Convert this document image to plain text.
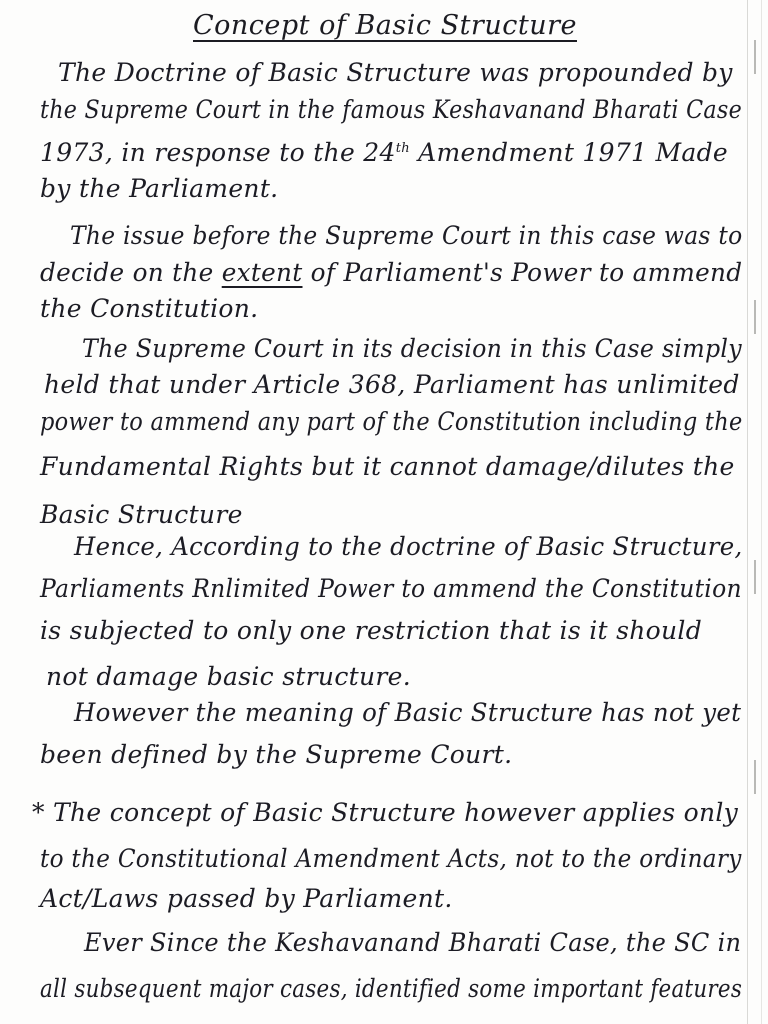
Concept of Basic Structure
The Doctrine of Basic Structure was propounded by
the Supreme Court in the famous Keshavanand Bharati Case
1973, in response to the 24th Amendment 1971 Made
by the Parliament.
The issue before the Supreme Court in this case was to
decide on the extent of Parliament's Power to ammend
the Constitution.
The Supreme Court in its decision in this Case simply
held that under Article 368, Parliament has unlimited
power to ammend any part of the Constitution including the
Fundamental Rights but it cannot damage/dilutes the
Basic Structure
Hence, According to the doctrine of Basic Structure,
Parliaments Rnlimited Power to ammend the Constitution
is subjected to only one restriction that is it should
not damage basic structure.
However the meaning of Basic Structure has not yet
been defined by the Supreme Court.
* The concept of Basic Structure however applies only
to the Constitutional Amendment Acts, not to the ordinary
Act/Laws passed by Parliament.
Ever Since the Keshavanand Bharati Case, the SC in
all subsequent major cases, identified some important features
